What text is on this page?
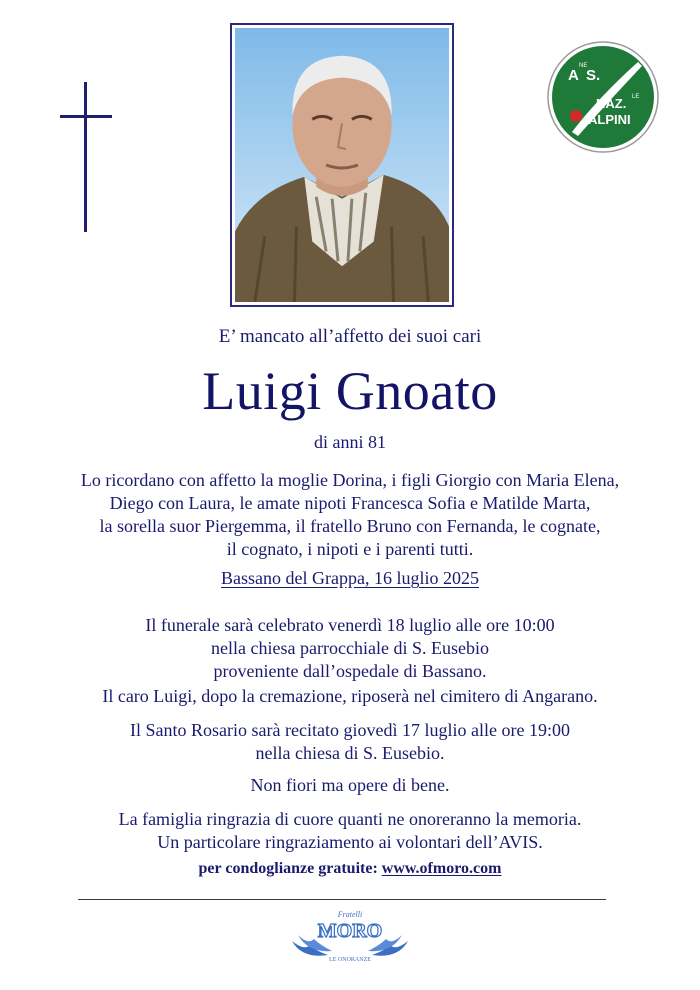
A S.
NE
NAZ. LE
ALPINI
E’ mancato all’affetto dei suoi cari
Luigi Gnoato
di anni 81
Lo ricordano con affetto la moglie Dorina, i figli Giorgio con Maria Elena,
Diego con Laura, le amate nipoti Francesca Sofia e Matilde Marta,
la sorella suor Piergemma, il fratello Bruno con Fernanda, le cognate,
il cognato, i nipoti e i parenti tutti.
Bassano del Grappa, 16 luglio 2025
Il funerale sarà celebrato venerdì 18 luglio alle ore 10:00
nella chiesa parrocchiale di S. Eusebio
proveniente dall’ospedale di Bassano.
Il caro Luigi, dopo la cremazione, riposerà nel cimitero di Angarano.
Il Santo Rosario sarà recitato giovedì 17 luglio alle ore 19:00
nella chiesa di S. Eusebio.
Non fiori ma opere di bene.
La famiglia ringrazia di cuore quanti ne onoreranno la memoria.
Un particolare ringraziamento ai volontari dell’AVIS.
per condoglianze gratuite: www.ofmoro.com
Fratelli
MORO
LE ONORANZE
